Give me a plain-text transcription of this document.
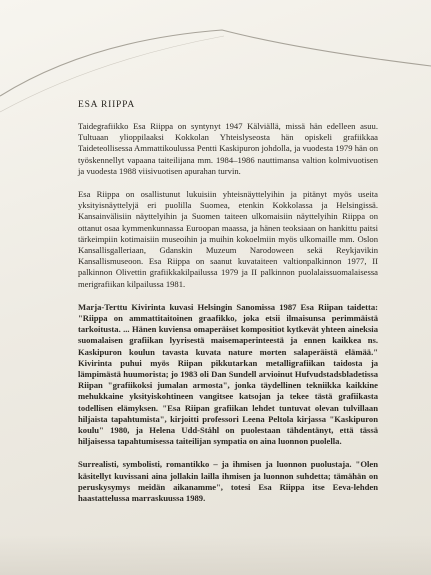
ESA RIIPPA

Taidegrafiikko Esa Riippa on syntynyt 1947 Kälviällä, missä hän edelleen asuu. Tultuaan ylioppilaaksi Kokkolan Yhteislyseosta hän opiskeli grafiikkaa Taideteollisessa Ammattikoulussa Pentti Kaskipuron johdolla, ja vuodesta 1979 hän on työskennellyt vapaana taiteilijana mm. 1984–1986 nauttimansa valtion kolmivuotisen ja vuodesta 1988 viisivuotisen apurahan turvin.

Esa Riippa on osallistunut lukuisiin yhteisnäyttelyihin ja pitänyt myös useita yksityisnäyttelyjä eri puolilla Suomea, etenkin Kokkolassa ja Helsingissä. Kansainvälisiin näyttelyihin ja Suomen taiteen ulkomaisiin näyttelyihin Riippa on ottanut osaa kymmenkunnassa Euroopan maassa, ja hänen teoksiaan on hankittu paitsi tärkeimpiin kotimaisiin museoihin ja muihin kokoelmiin myös ulkomaille mm. Oslon Kansallisgalleriaan, Gdanskin Muzeum Narodoween sekä Reykjavikin Kansallismuseoon. Esa Riippa on saanut kuvataiteen valtionpalkinnon 1977, II palkinnon Olivettin grafiikkakilpailussa 1979 ja II palkinnon puolalaissuomalaisessa merigrafiikan kilpailussa 1981.

Marja-Terttu Kivirinta kuvasi Helsingin Sanomissa 1987 Esa Riipan taidetta: "Riippa on ammattitaitoinen graafikko, joka etsii ilmaisunsa perimmäistä tarkoitusta. ... Hänen kuviensa omaperäiset kompositiot kytkevät yhteen aineksia suomalaisen grafiikan lyyrisestä maisemaperinteestä ja ennen kaikkea ns. Kaskipuron koulun tavasta kuvata nature morten salaperäistä elämää." Kivirinta puhui myös Riipan pikkutarkan metalligrafiikan taidosta ja lämpimästä huumorista; jo 1983 oli Dan Sundell arvioinut Hufvudstadsbladetissa Riipan "grafiikoksi jumalan armosta", jonka täydellinen tekniikka kaikkine mehukkaine yksityiskohtineen vangitsee katsojan ja tekee tästä grafiikasta todellisen elämyksen. "Esa Riipan grafiikan lehdet tuntuvat olevan tulvillaan hiljaista tapahtumista", kirjoitti professori Leena Peltola kirjassa "Kaskipuron koulu" 1980, ja Helena Udd-Ståhl on puolestaan tähdentänyt, että tässä hiljaisessa tapahtumisessa taiteilijan sympatia on aina luonnon puolella.

Surrealisti, symbolisti, romantikko – ja ihmisen ja luonnon puolustaja. "Olen käsitellyt kuvissani aina jollakin lailla ihmisen ja luonnon suhdetta; tämähän on peruskysymys meidän aikanamme", totesi Esa Riippa itse Eeva-lehden haastattelussa marraskuussa 1989.
